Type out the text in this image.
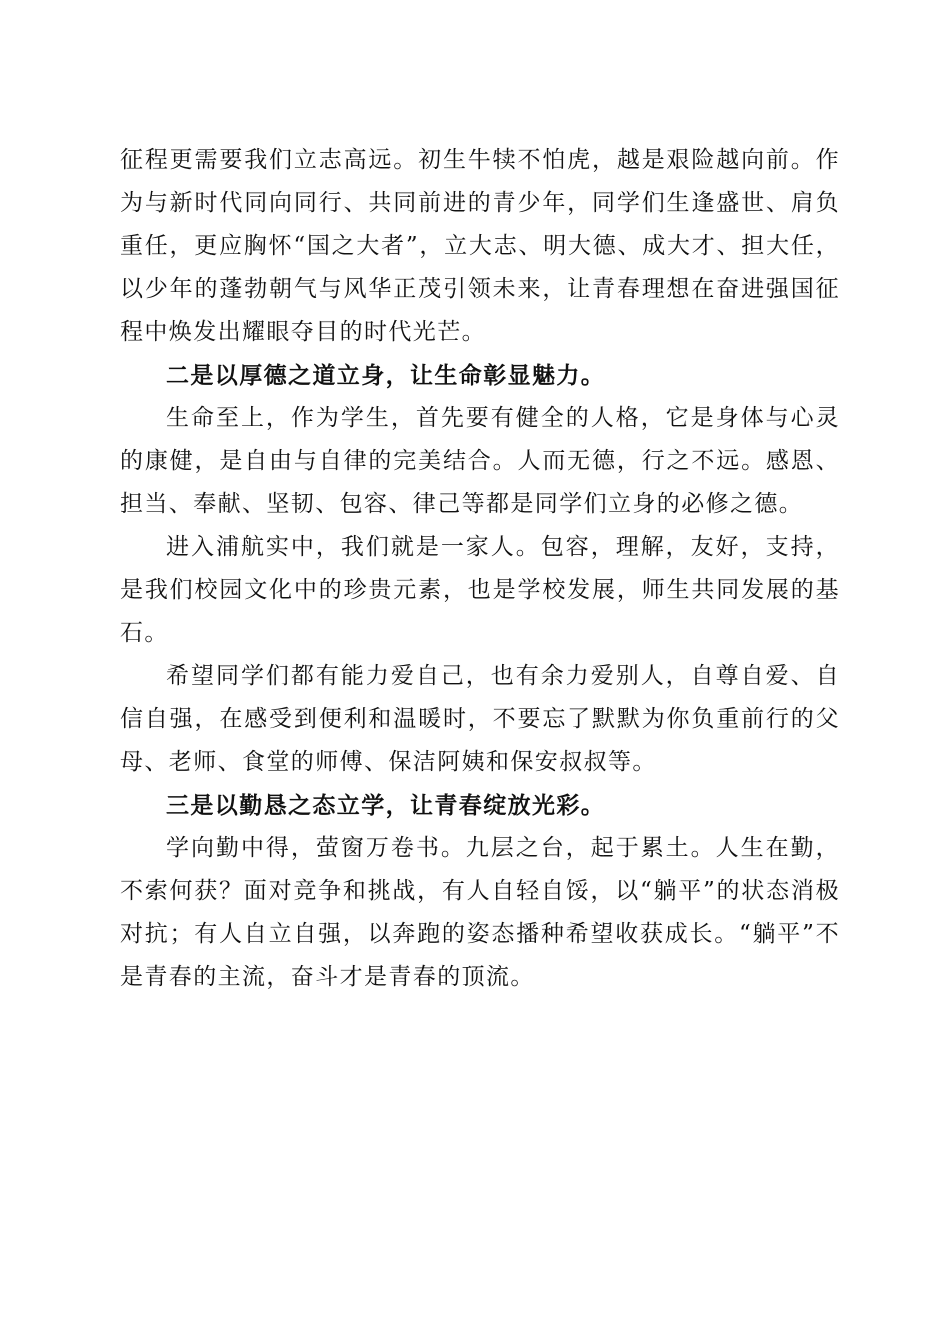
征程更需要我们立志高远。初生牛犊不怕虎，越是艰险越向前。作为与新时代同向同行、共同前进的青少年，同学们生逢盛世、肩负重任，更应胸怀“国之大者”，立大志、明大德、成大才、担大任，以少年的蓬勃朝气与风华正茂引领未来，让青春理想在奋进强国征程中焕发出耀眼夺目的时代光芒。

二是以厚德之道立身，让生命彰显魅力。

生命至上，作为学生，首先要有健全的人格，它是身体与心灵的康健，是自由与自律的完美结合。人而无德，行之不远。感恩、担当、奉献、坚韧、包容、律己等都是同学们立身的必修之德。

进入浦航实中，我们就是一家人。包容，理解，友好，支持，是我们校园文化中的珍贵元素，也是学校发展，师生共同发展的基石。

希望同学们都有能力爱自己，也有余力爱别人，自尊自爱、自信自强，在感受到便利和温暖时，不要忘了默默为你负重前行的父母、老师、食堂的师傅、保洁阿姨和保安叔叔等。

三是以勤恳之态立学，让青春绽放光彩。

学向勤中得，萤窗万卷书。九层之台，起于累土。人生在勤，不索何获？面对竞争和挑战，有人自轻自馁，以“躺平”的状态消极对抗；有人自立自强，以奔跑的姿态播种希望收获成长。“躺平”不是青春的主流，奋斗才是青春的顶流。
